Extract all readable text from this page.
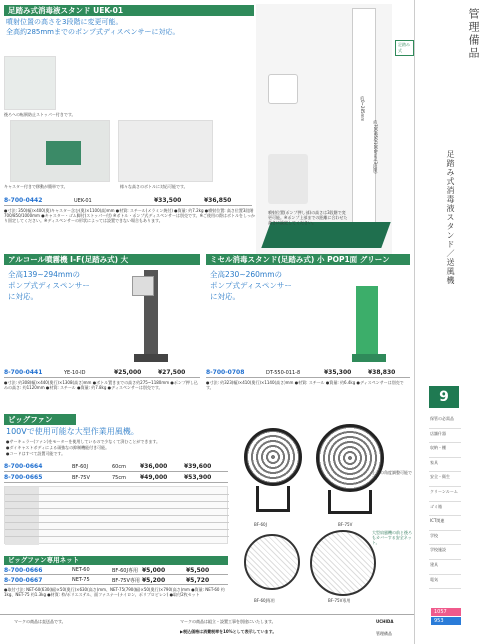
足踏み式消毒液スタンド UEK-01
噴射位置の高さを3段階に変更可能。
全高約285mmまでのポンプ式ディスペンサーに対応。
後ろへの転倒防止ストッパー付きです。
キャスター付きで移動が簡単です。	様々な高さのボトルに対応可能です。
足踏み式
約0~285mm
約700/850/1000mm(3段階)
噴射位置(ポンプ押し部)の高さは3段階で変更可能。※ポンプ上部までの距離に合わせた高さに設定してください。
8-700-0442	UEK-01	¥33,500	¥36,850
●寸法: 350(幅)×400(奥)キャスター含む(奥)×1100(高)mm ●材質: スチール(メラミン焼付) ●質量: 約7.2kg ●噴射位置: 高さ位置3段階700/850/1000mm ●キャスター・ゴム脚付(ストッパー付) ※ボトル・ポンプ式ディスペンサーは別売です。※ご使用の際はボトルをしっかり固定してください。※ディスペンサーの形状によっては設置できない場合もあります。
アルコール噴霧機 I-F(足踏み式) 大
全高139~294mmの
ポンプ式ディスペンサー
に対応。
8-700-0441	YE-10-ID	¥25,000	¥27,500
●寸法: 約308(幅)×440(奥行)×1308(高さ)mm ●ボトル置きまでの高さ約275~1180mm ●ポンプ押し込みの高さ: 約1120mm ●材質: スチール ●質量: 約7.8kg ●ディスペンサーは別売です。
ミセル消毒スタンド(足踏み式) 小 POP1面 グリーン
全高230~260mmの
ポンプ式ディスペンサー
に対応。
8-700-0708	DT-550-011-8	¥35,300	¥38,830
●寸法: 約323(幅)×410(奥行)×1140(高さ)mm ●材質: スチール ●質量: 約6.4kg ●ディスペンサーは別売です。
ビッグファン
100Vで使用可能な大型作業用風機。
●サーキュラー(ファン)をモーターを使用しているので少なくて済むことができます。
●ダイキャストボディによる頑強なの抑制機能付き可能。
●コードはすべて設置可能です。
8-700-0664	BF-60J	60cm	¥36,000	¥39,600
8-700-0665	BF-75V	75cm	¥49,000	¥53,900
BF-60J	BF-75V
上下の角度調整可能です。
BF-60J専用	BF-75V専用
大型扇風機の前と後ろもカバーする安全ネット。
ビッグファン専用ネット
8-700-0666	NET-60	BF-60J専用 ¥5,000	¥5,500
8-700-0667	NET-75	BF-75V専用 ¥5,200	¥5,720
●取付寸法: NET-60(630(幅)×50(奥行)×630(高さ)mm、NET-75(790(幅)×50(奥行)×790(高さ)mm ●質量: NET-60 約1kg、NET-75 約1.3kg ●材質: 枠/ポリエステル、面ファスナー(ナイロン、ポリプロピレン) ●取付2枚セット
マークの商品は直送品です。	マークの商品は組立・設置工事を別途にいたします。
▶税込価格は消費税率を10%として表示しています。
UCHIDA
管理備品
管理備品
足踏み式消毒液スタンド／送風機
9
保管の必需品
店舗什器
収納・棚
家具
安全・衛生
クリーンルーム
ゴミ箱
ICT関連
学校
学校施設
建具
電気
1057
953
